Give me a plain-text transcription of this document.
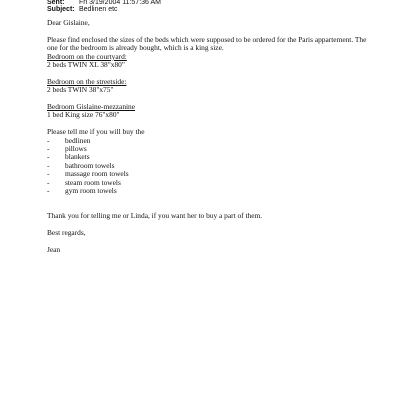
Sent: Fri 3/19/2004 11:57:36 AM
Subject: Bedlinen etc
Dear Gislaine,
Please find enclosed the sizes of the beds which were supposed to be ordered for the Paris appartement. The one for the bedroom is already bought, which is a king size.
Bedroom on the courtyard:
2 beds TWIN XL 38"x80"
Bedroom on the streetside:
2 beds TWIN 38"x75"
Bedroom Gislaine-mezzanine
1 bed King size 76"x80"
Please tell me if you will buy the
- bedlinen
- pillows
- blankets
- bathroom towels
- massage room towels
- steam room towels
- gym room towels
Thank you for telling me or Linda, if you want her to buy a part of them.
Best regards,
Jean
